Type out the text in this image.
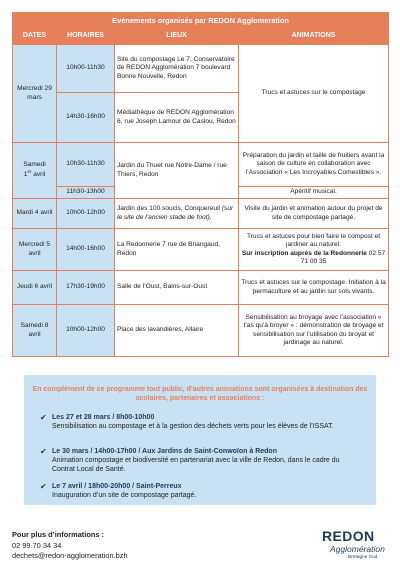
Evènements organisés par REDON Agglomeration			
DATES	HORAIRES	LIEUX	ANIMATIONS
Mercredi 29 mars	10h00-11h30	Site du compostage Le 7, Conservatoire de REDON Agglomération 7 boulevard Bonne Nouvelle, Redon	Trucs et astuces sur le compostage
	14h30-16h00	Médiathèque de REDON Agglomération 6, rue Joseph Lamour de Caslou, Redon	
Samedi
1er avril	10h30-11h30	Jardin du Thuet rue Notre-Dame / rue Thiers, Redon	Préparation du jardin et taille de fruitiers avant la saison de culture en collaboration avec l’Association « Les Incroyables Comestibles ».
	11h30-13h00		Apéritif musical.
Mardi 4 avril	10h00-12h00	Jardin des 100 soucis, Conquereuil (sur le site de l’ancien stade de foot).	Visite du jardin et animation autour du projet de site de compostage partagé.
Mercredi 5 avril	14h00-16h00	La Redonnerie 7 rue de Briangaud, Redon	Trucs et astuces pour bien faire le compost et jardiner au naturel.
Sur inscription auprès de la Redonnerie 02 57 71 00 35
Jeudi 6 avril	17h30-19h00	Salle de l’Oust, Bains-sur-Oust	Trucs et astuces sur le compostage. Initiation à la permaculture et au jardin sur sols vivants.
Samedi 8 avril	10h00-12h00	Place des lavandières, Allaire	Sensibilisation au broyage avec l’association « t’as qu’à broyer » : démonstration de broyage et sensibilisation sur l’utilisation du broyat et jardinage au naturel.
En complément de ce programme tout public, d’autres animations sont organisées à destination des scolaires, partenaires et associations :
✔ Les 27 et 28 mars / 8h00-10h00
Sensibilisation au compostage et à la gestion des déchets verts pour les élèves de l’ISSAT.
✔ Le 30 mars / 14h00-17h00 / Aux Jardins de Saint-Conwoïon à Redon
Animation compostage et biodiversité en partenariat avec la ville de Redon, dans le cadre du Contrat Local de Santé.
✔ Le 7 avril / 18h00-20h00 / Saint-Perreux
Inauguration d’un site de compostage partagé.
Pour plus d’informations :
02 99 70 34 34
dechets@redon-agglomeration.bzh
REDON
Agglomération
Bretagne Sud
